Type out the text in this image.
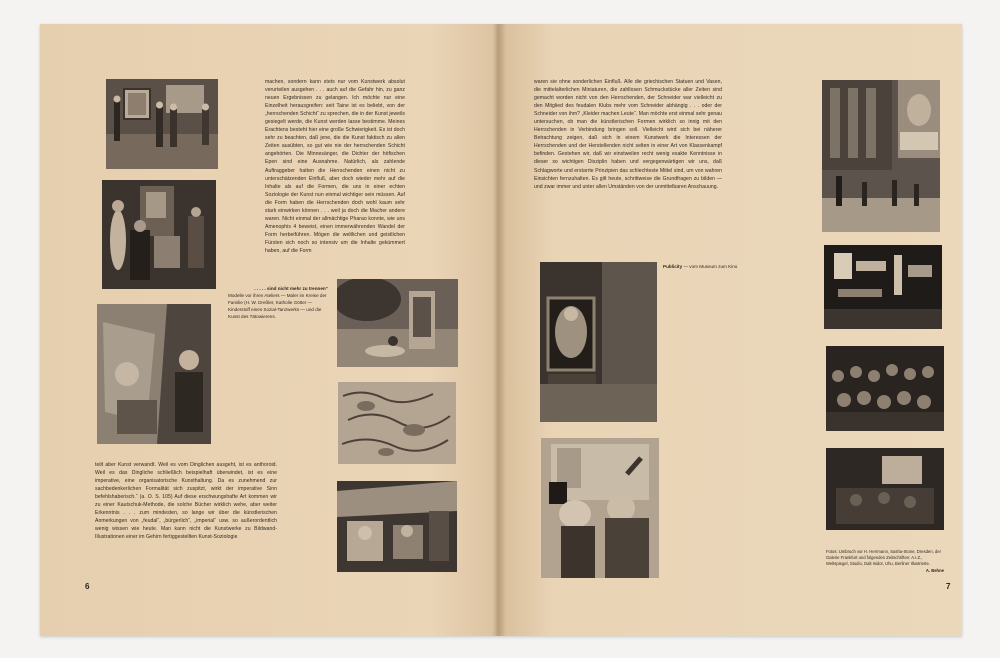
machen, sondern kann stets nur vom Kunstwerk absolut verurteilen ausgehen . . . auch auf die Gefahr hin, zu ganz neuen Ergebnissen zu gelangen. Ich möchte nur eine Einzelheit herausgreifen: seit Taine ist es beliebt, von der „herrschenden Schicht“ zu sprechen, die in der Kunst jeweils gesiegelt werde, die Kunst werden lasse bestimme. Meines Erachtens besteht hier eine große Schwierigkeit. Es ist doch sehr zu beachten, daß jene, die die Kunst faktisch zu allen Zeiten ausübten, so gut wie nie der herrschenden Schicht angehörten. Die Minnesänger, die Dichter der höfischen Epen sind eine Ausnahme. Natürlich, als zahlende Auftraggeber hatten die Herrschenden einen nicht zu unterschätzenden Einfluß, aber doch wieder mehr auf die Inhalte als auf die Formen, die uns in einer echten Soziologie der Kunst nun einmal wichtiger sein müssen. Auf die Form haben die Herrschenden doch wohl kaum sehr stark einwirken können . . . weil ja doch die Macher andere waren. Nicht einmal der allmächtige Pharao konnte, wie uns Amenophis 4 beweist, einen immerwährenden Wandel der Form herbeiführen. Mögen die weltlichen und geistlichen Fürsten sich noch so intensiv um die Inhalte gekümmert haben, auf die Form
. . . . . sind nicht mehr zu trennen“
Modelle vor ihren Ateliers — Maler im Kreise der Familie (H. W. Dreßler, Katholie Götter — Kinderstoff eines Sozial-Tanzwerks — und die Kunst des Tätowierens.
teilt aber Kunst verwandt. Weil es vom Dinglichen ausgeht, ist es anthoroid. Weil es das Dingliche schließlich beispielhaft überwindet, ist es eine imperative, eine organisatorische Kunsthaltung. Da es zunehmend zur sachbedenkerlichen Formalität sich zuspitzt, wirkt der imperative Sinn befehlshaberisch.“ (a. O. S. 105) Auf diese erschwungshafte Art kommen wir zu einer Kautschuk-Methode, die solche Bücher wirklich wehe, aber weiter Erkenntnis . . . zum mindesten, so lange wir über die künstlerischen Anmerkungen von „feudal“, „bürgerlich“, „imperial“ usw. so außerordentlich wenig wissen wie heute. Man kann nicht die Kunstwerke zu Bildwand-Illustrationen einer im Gehirn fertiggestellten Kunst-Soziologie
6
waren sie ohne sonderlichen Einfluß. Alle die griechischen Statuen und Vasen, die mittelalterlichen Miniaturen, die zahllosen Schmuckstücke aller Zeiten sind gemacht worden nicht von den Herrschenden, der Schneider war vielleicht zu den Mitglied des feudalen Klubs mehr vom Schneider abhängig . . . oder der Schneider von ihm? „Kleider machen Leute“. Man möchte erst einmal sehr genau untersuchen, ob man die künstlerischen Formen wirklich so innig mit den Herrschenden in Verbindung bringen soll. Vielleicht wird sich bei näherer Betrachtung zeigen, daß sich in einem Kunstwerk die Interessen der Herrschenden und der Herstellenden nicht selten in einer Art von Klassenkampf befinden. Gestehen wir, daß wir einstweilen recht wenig exakte Kenntnisse in dieser so wichtigen Disziplin haben und vergegenwärtigen wir uns, daß Schlagworte und erstarrte Prinzipien das schlechteste Mittel sind, um von wahren Einsichten fernzuhalten. Es gilt heute, schrittweise die Grundfragen zu bilden — und zwar immer und unter allen Umständen von der unmittelbaren Anschauung.
Publicity — vom Museum zum Kino
Fotos: Umbruch vor H. Herrmann, Sasha-Stone, Dresden, der Galerie Frankfurt und folgenden Zeitschriften: A.I.Z., Weltspiegel, Studio, Dalt Isidor, Uhu, Berliner Illustrierte.
A. Behne
7
